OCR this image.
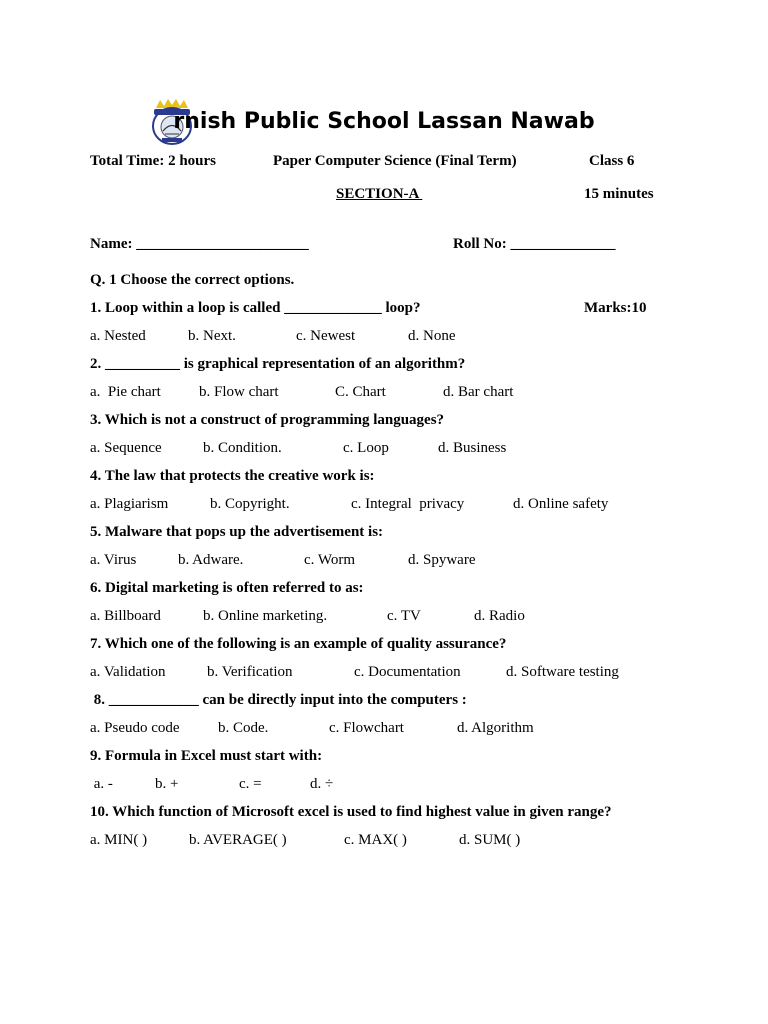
rnish Public School Lassan Nawab
Total Time: 2 hours	Paper Computer Science (Final Term)	Class 6
SECTION-A	15 minutes
Name: _______________________	Roll No: ______________
Q. 1 Choose the correct options.
Marks:10
1. Loop within a loop is called _____________ loop?
a. Nested	b. Next.	c. Newest	d. None
2. __________ is graphical representation of an algorithm?
a.  Pie chart	b. Flow chart	C. Chart	d. Bar chart
3. Which is not a construct of programming languages?
a. Sequence	b. Condition.	c. Loop	d. Business
4. The law that protects the creative work is:
a. Plagiarism	b. Copyright.	c. Integral  privacy	d. Online safety
5. Malware that pops up the advertisement is:
a. Virus	b. Adware.	c. Worm	d. Spyware
6. Digital marketing is often referred to as:
a. Billboard	b. Online marketing.	c. TV	d. Radio
7. Which one of the following is an example of quality assurance?
a. Validation	b. Verification	c. Documentation	d. Software testing
8. ____________ can be directly input into the computers :
a. Pseudo code	b. Code.	c. Flowchart	d. Algorithm
9. Formula in Excel must start with:
a. -	b. +	c. =	d. ÷
10. Which function of Microsoft excel is used to find highest value in given range?
a. MIN( )	b. AVERAGE( )	c. MAX( )	d. SUM( )
